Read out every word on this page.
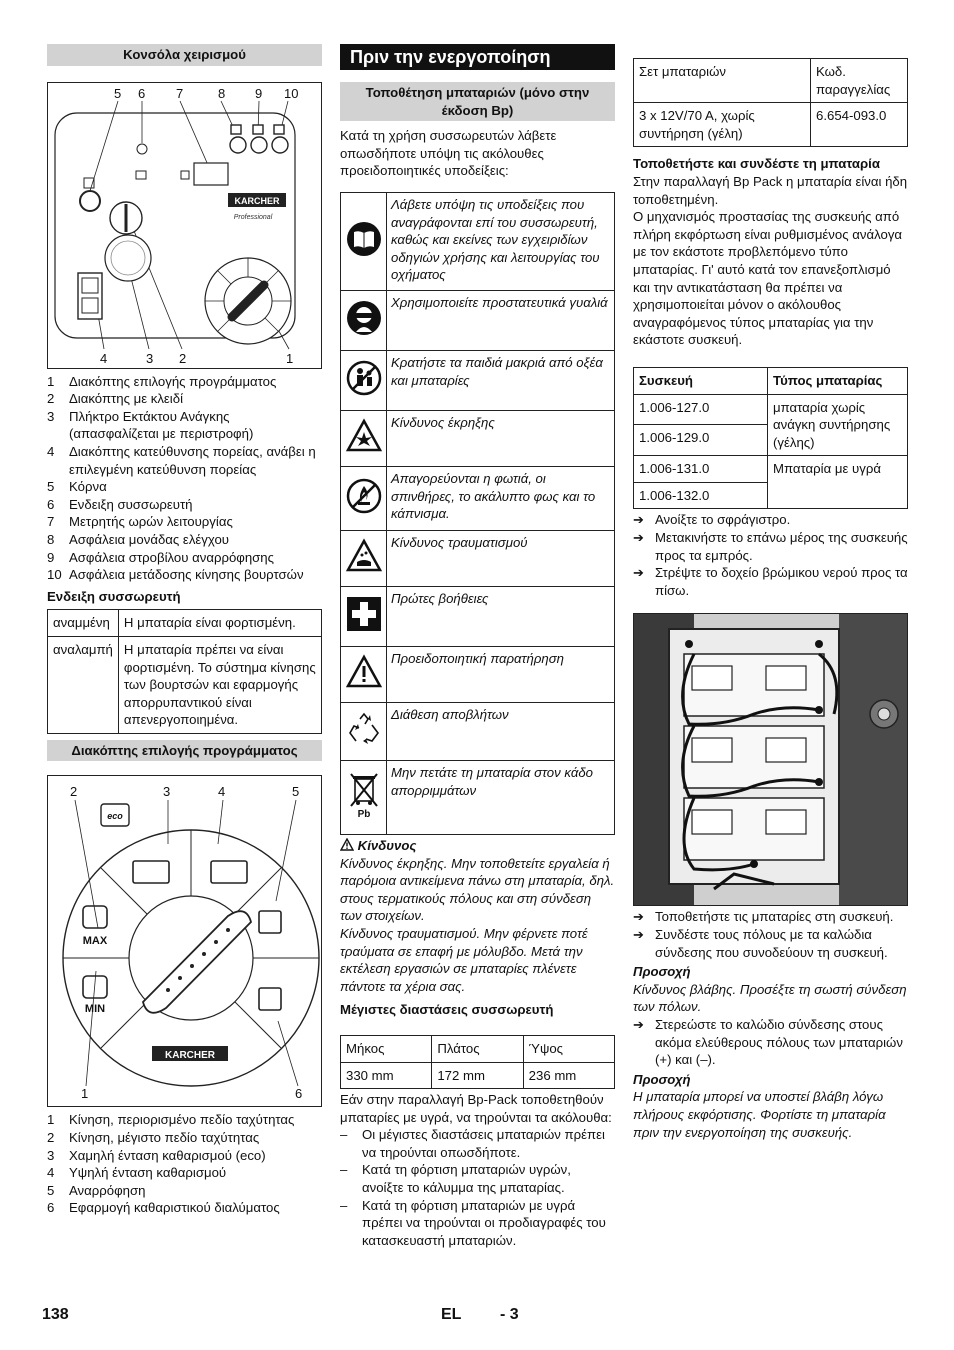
Κονσόλα χειρισμού
5 6 7	8 9 10
4	3 2	1
KARCHER
Professional
1	Διακόπτης επιλογής προγράμματος
2	Διακόπτης με κλειδί
3	Πλήκτρο Εκτάκτου Ανάγκης (απασφαλίζεται με περιστροφή)
4	Διακόπτης κατεύθυνσης πορείας, ανάβει η επιλεγμένη κατεύθυνση πορείας
5	Κόρνα
6	Ενδειξη συσσωρευτή
7	Μετρητής ωρών λειτουργίας
8	Ασφάλεια μονάδας ελέγχου
9	Ασφάλεια στροβίλου αναρρόφησης
10 Ασφάλεια μετάδοσης κίνησης βουρτσών
Ενδειξη συσσωρευτή
αναμμένη	Η μπαταρία είναι φορτισμένη.
αναλαμπή	Η μπαταρία πρέπει να είναι φορτισμένη. Το σύστημα κίνησης των βουρτσών και εφαρμογής απορρυπαντικού είναι απενεργοποιημένα.
Διακόπτης επιλογής προγράμματος
2	3	4	5
1	6
eco
MAX
MIN
KARCHER
1	Κίνηση, περιορισμένο πεδίο ταχύτητας
2	Κίνηση, μέγιστο πεδίο ταχύτητας
3	Χαμηλή ένταση καθαρισμού (eco)
4	Υψηλή ένταση καθαρισμού
5	Αναρρόφηση
6	Εφαρμογή καθαριστικού διαλύματος
Πριν την ενεργοποίηση
Τοποθέτηση μπαταριών (μόνο στην έκδοση Bp)

Κατά τη χρήση συσσωρευτών λάβετε οπωσδήποτε υπόψη τις ακόλουθες προειδοποιητικές υποδείξεις:

	Λάβετε υπόψη τις υποδείξεις που αναγράφονται επί του συσσωρευτή, καθώς και εκείνες των εγχειριδίων οδηγιών χρήσης και λειτουργίας του οχήματος
	Χρησιμοποιείτε προστατευτικά γυαλιά
	Κρατήστε τα παιδιά μακριά από οξέα και μπαταρίες
	Κίνδυνος έκρηξης
	Απαγορεύονται η φωτιά, οι σπινθήρες, το ακάλυπτο φως και το κάπνισμα.
	Κίνδυνος τραυματισμού
	Πρώτες βοήθειες
	Προειδοποιητική παρατήρηση
	Διάθεση αποβλήτων

Pb	Μην πετάτε τη μπαταρία στον κάδο απορριμμάτων
Κίνδυνος

Κίνδυνος έκρηξης. Μην τοποθετείτε εργαλεία ή παρόμοια αντικείμενα πάνω στη μπαταρία, δηλ. στους τερματικούς πόλους και στη σύνδεση των στοιχείων.

Κίνδυνος τραυματισμού. Μην φέρνετε ποτέ τραύματα σε επαφή με μόλυβδο. Μετά την εκτέλεση εργασιών σε μπαταρίες πλένετε πάντοτε τα χέρια σας.

Μέγιστες διαστάσεις συσσωρευτή
Μήκος	Πλάτος	Ύψος
330 mm	172 mm	236 mm

Εάν στην παραλλαγή Bp-Pack τοποθετηθούν μπαταρίες με υγρά, να τηρούνται τα ακόλουθα:

–	Οι μέγιστες διαστάσεις μπαταριών πρέπει να τηρούνται οπωσδήποτε.
–	Κατά τη φόρτιση μπαταριών υγρών, ανοίξτε το κάλυμμα της μπαταρίας.
–	Κατά τη φόρτιση μπαταριών με υγρά πρέπει να τηρούνται οι προδιαγραφές του κατασκευαστή μπαταριών.
Σετ μπαταριών	Κωδ. παραγγελίας
3 x 12V/70 A, χωρίς συντήρηση (γέλη)	6.654-093.0
Τοποθετήστε και συνδέστε τη μπαταρία

Στην παραλλαγή Bp Pack η μπαταρία είναι ήδη τοποθετημένη.

Ο μηχανισμός προστασίας της συσκευής από πλήρη εκφόρτωση είναι ρυθμισμένος ανάλογα με τον εκάστοτε προβλεπόμενο τύπο μπαταρίας. Γι' αυτό κατά τον επανεξοπλισμό και την αντικατάσταση θα πρέπει να χρησιμοποιείται μόνον ο ακόλουθος αναγραφόμενος τύπος μπαταρίας για την εκάστοτε συσκευή.

Συσκευή	Τύπος μπαταρίας
1.006-127.0	μπαταρία χωρίς ανάγκη συντήρησης (γέλης)
1.006-129.0	
1.006-131.0	Μπαταρία με υγρά
1.006-132.0	
➔ Ανοίξτε το σφράγιστρο.
➔ Μετακινήστε το επάνω μέρος της συσκευής προς τα εμπρός.
➔ Στρέψτε το δοχείο βρώμικου νερού προς τα πίσω.
➔ Τοποθετήστε τις μπαταρίες στη συσκευή.
➔ Συνδέστε τους πόλους με τα καλώδια σύνδεσης που συνοδεύουν τη συσκευή.
Προσοχή

Κίνδυνος βλάβης. Προσέξτε τη σωστή σύνδεση των πόλων.

➔ Στερεώστε το καλώδιο σύνδεσης στους ακόμα ελεύθερους πόλους των μπαταριών (+) και (–).
Προσοχή

Η μπαταρία μπορεί να υποστεί βλάβη λόγω πλήρους εκφόρτισης. Φορτίστε τη μπαταρία πριν την ενεργοποίηση της συσκευής.

138	EL - 3
